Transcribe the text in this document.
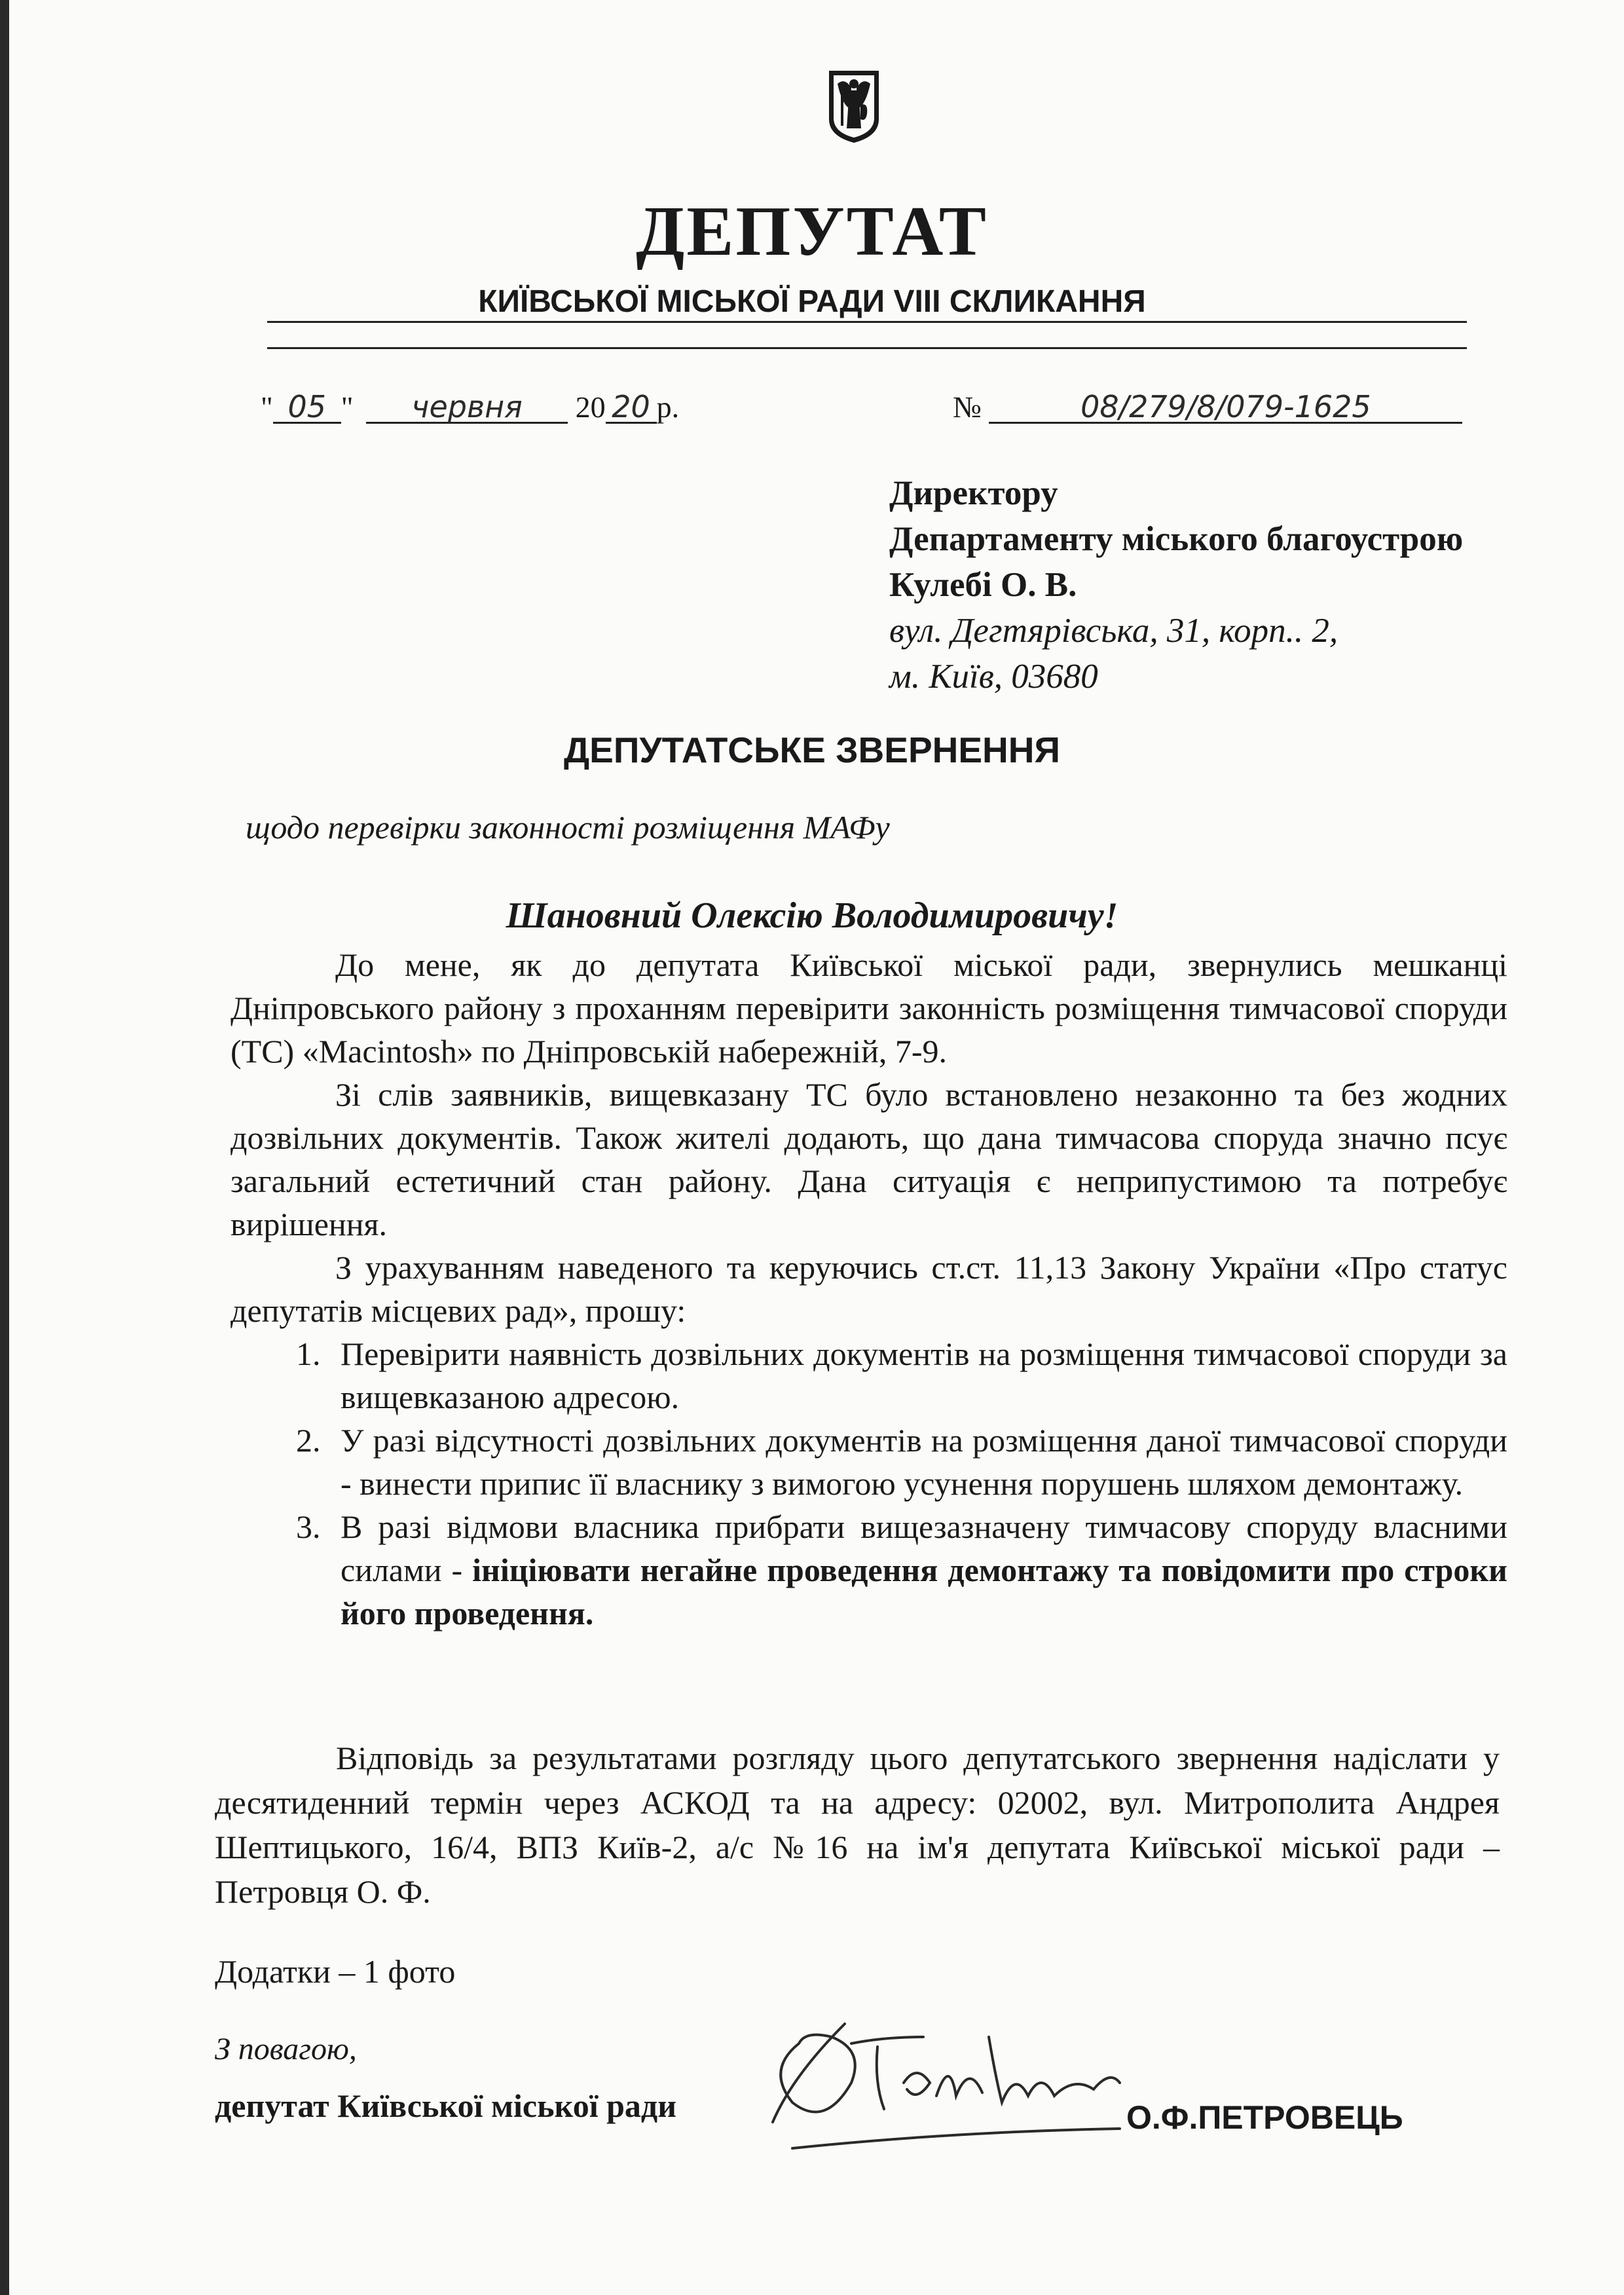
ДЕПУТАТ
КИЇВСЬКОЇ МІСЬКОЇ РАДИ VIII СКЛИКАННЯ
" 05 " червня 20 20 р.	№	08/279/8/079-1625
Директору
Департаменту міського благоустрою
Кулебі О. В.
вул. Дегтярівська, 31, корп.. 2,
м. Київ, 03680
ДЕПУТАТСЬКЕ ЗВЕРНЕННЯ
щодо перевірки законності розміщення МАФу
Шановний Олексію Володимировичу!

До мене, як до депутата Київської міської ради, звернулись мешканці Дніпровського району з проханням перевірити законність розміщення тимчасової споруди (ТС) «Macintosh» по Дніпровській набережній, 7-9.

Зі слів заявників, вищевказану ТС було встановлено незаконно та без жодних дозвільних документів. Також жителі додають, що дана тимчасова споруда значно псує загальний естетичний стан району. Дана ситуація є неприпустимою та потребує вирішення.

З урахуванням наведеного та керуючись ст.ст. 11,13 Закону України «Про статус депутатів місцевих рад», прошу:

1. Перевірити наявність дозвільних документів на розміщення тимчасової споруди за вищевказаною адресою.
2. У разі відсутності дозвільних документів на розміщення даної тимчасової споруди - винести припис її власнику з вимогою усунення порушень шляхом демонтажу.
3. В разі відмови власника прибрати вищезазначену тимчасову споруду власними силами - ініціювати негайне проведення демонтажу та повідомити про строки його проведення.

Відповідь за результатами розгляду цього депутатського звернення надіслати у десятиденний термін через АСКОД та на адресу: 02002, вул. Митрополита Андрея Шептицького, 16/4, ВПЗ Київ-2, а/с №16 на ім'я депутата Київської міської ради – Петровця О. Ф.

Додатки – 1 фото
З повагою,
депутат Київської міської ради	О.Ф.ПЕТРОВЕЦЬ
